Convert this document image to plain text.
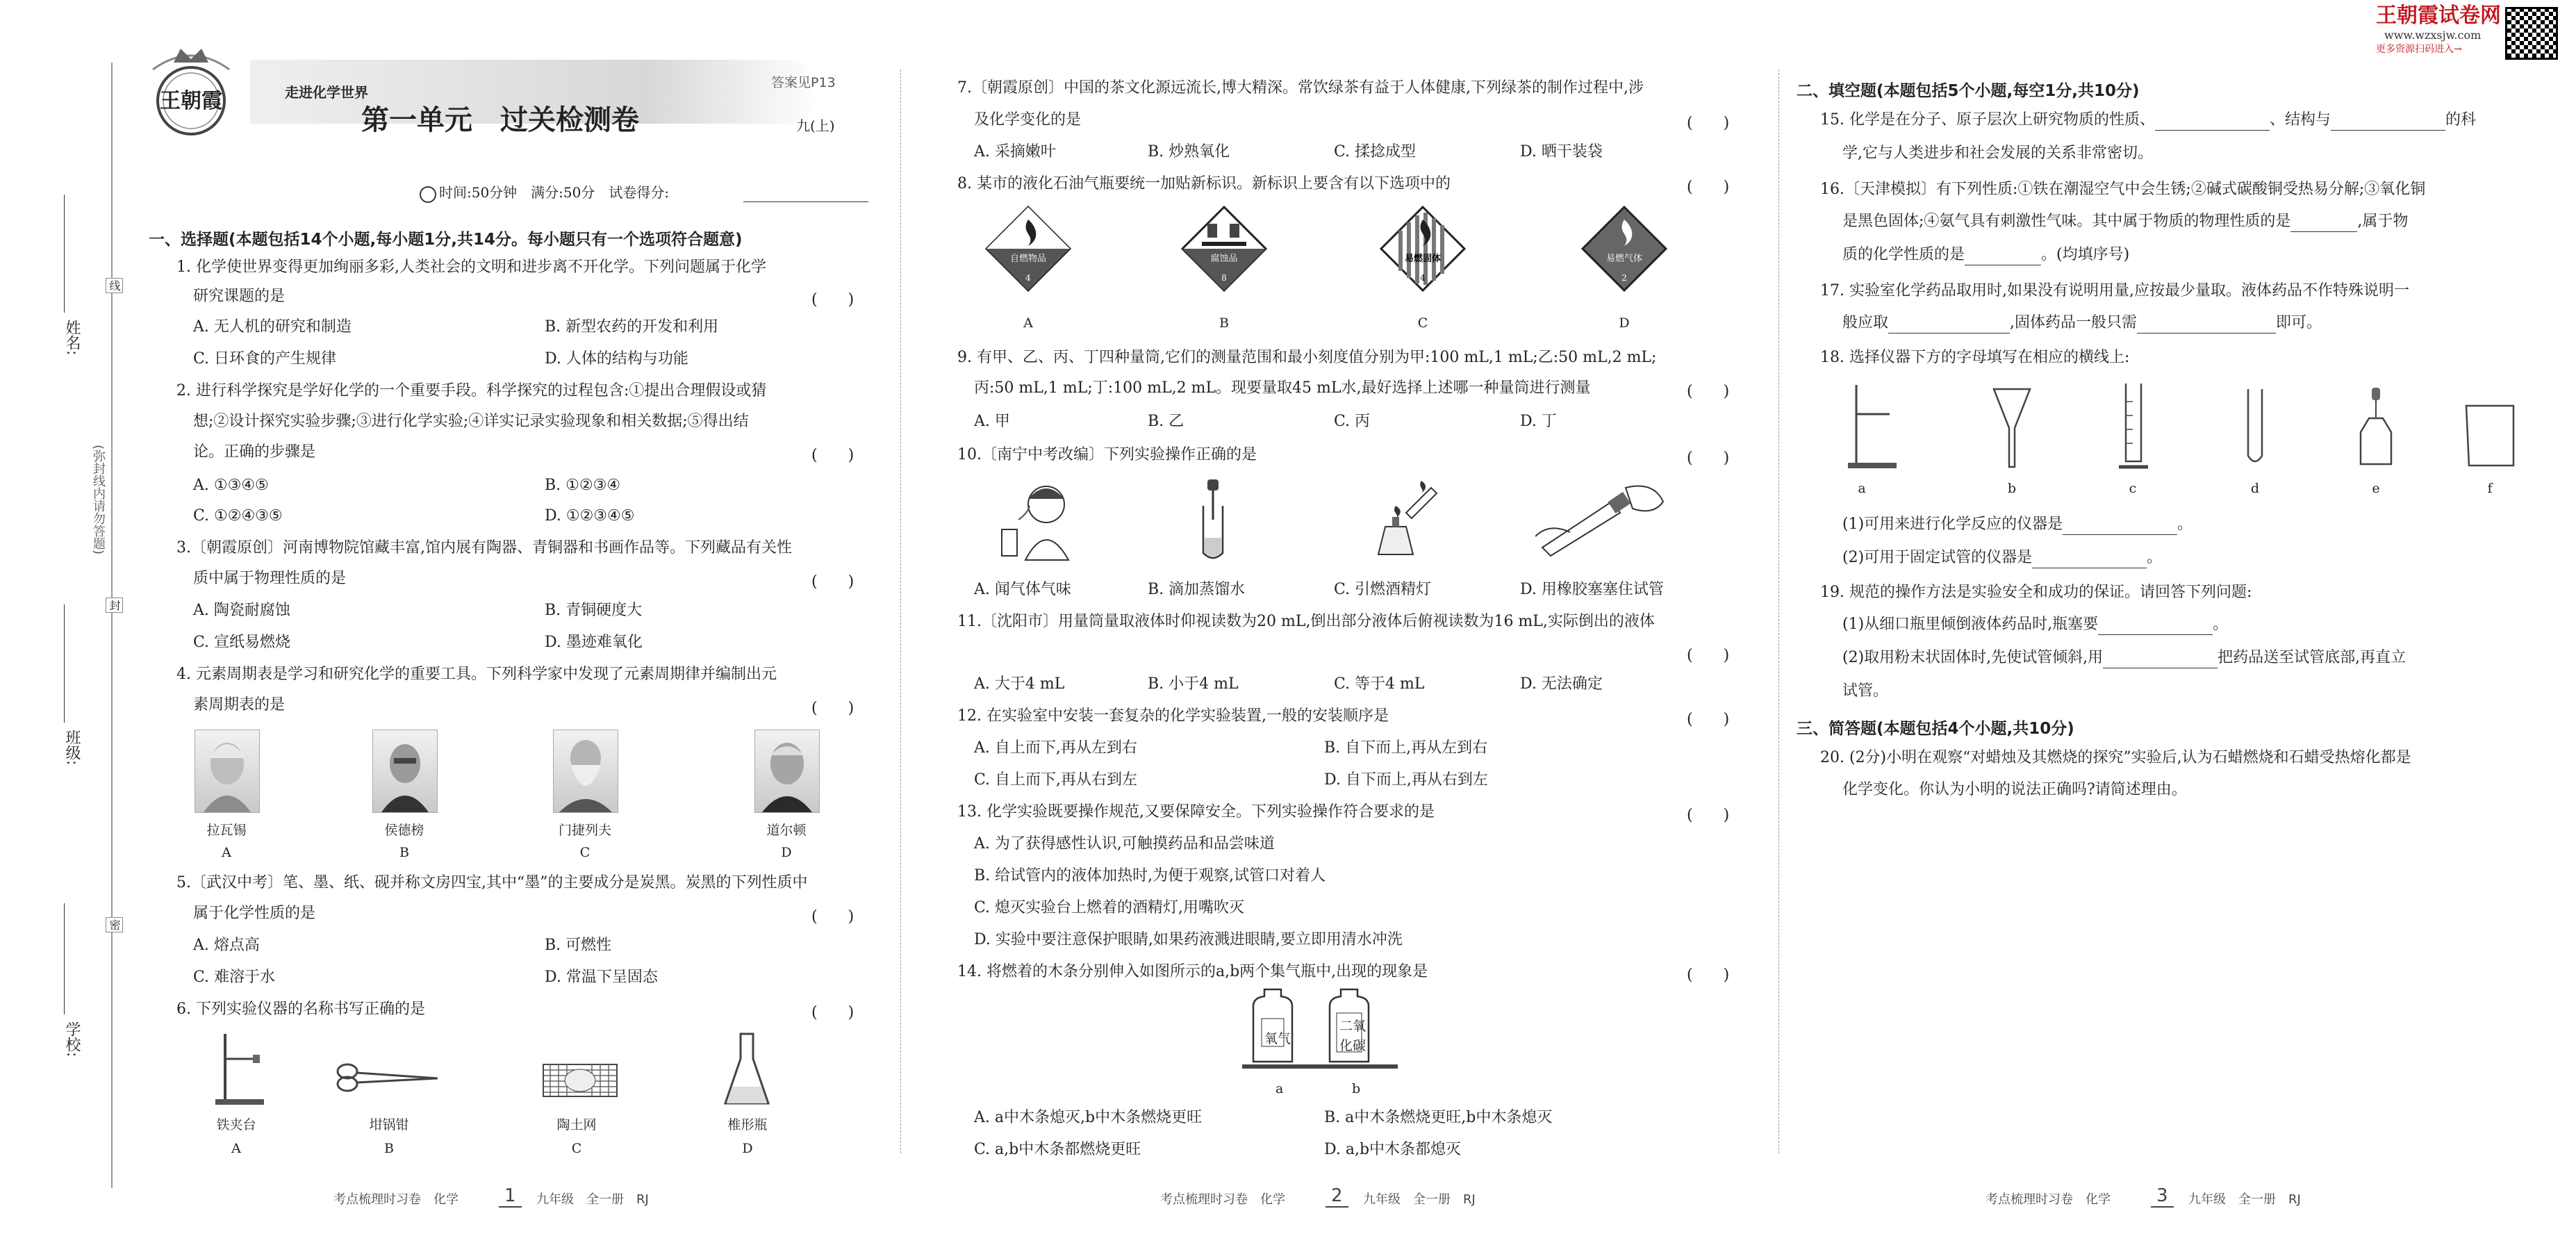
姓名:
班级:
学校:
(弥封线内请勿答题)
线
封
密
王朝霞	走进化学世界
第一单元　过关检测卷
答案见P13
九(上)
时间:50分钟　满分:50分　试卷得分:
王朝霞试卷网
www.wzxsjw.com
更多资源扫码进入→
一、选择题(本题包括14个小题,每小题1分,共14分。每小题只有一个选项符合题意)
1. 化学使世界变得更加绚丽多彩,人类社会的文明和进步离不开化学。下列问题属于化学
研究课题的是	(　　)
A. 无人机的研究和制造	B. 新型农药的开发和利用
C. 日环食的产生规律	D. 人体的结构与功能
2. 进行科学探究是学好化学的一个重要手段。科学探究的过程包含:①提出合理假设或猜
想;②设计探究实验步骤;③进行化学实验;④详实记录实验现象和相关数据;⑤得出结
论。正确的步骤是	(　　)
A. ①③④⑤	B. ①②③④
C. ①②④③⑤	D. ①②③④⑤
3.〔朝霞原创〕河南博物院馆藏丰富,馆内展有陶器、青铜器和书画作品等。下列藏品有关性
质中属于物理性质的是	(　　)
A. 陶瓷耐腐蚀	B. 青铜硬度大
C. 宣纸易燃烧	D. 墨迹难氧化
4. 元素周期表是学习和研究化学的重要工具。下列科学家中发现了元素周期律并编制出元
素周期表的是	(　　)
拉瓦锡	侯德榜	门捷列夫	道尔顿
A	B	C	D
5.〔武汉中考〕笔、墨、纸、砚并称文房四宝,其中“墨”的主要成分是炭黑。炭黑的下列性质中
属于化学性质的是	(　　)
A. 熔点高	B. 可燃性
C. 难溶于水	D. 常温下呈固态
6. 下列实验仪器的名称书写正确的是	(　　)
铁夹台	坩锅钳	陶土网	椎形瓶
A	B	C	D
7.〔朝霞原创〕中国的茶文化源远流长,博大精深。常饮绿茶有益于人体健康,下列绿茶的制作过程中,涉
及化学变化的是	(　　)
A. 采摘嫩叶	B. 炒熟氧化	C. 揉捻成型	D. 晒干装袋
8. 某市的液化石油气瓶要统一加贴新标识。新标识上要含有以下选项中的	(　　)
自燃物品
4
腐蚀品
8
易燃固体
4
易燃气体
2
A	B	C	D
9. 有甲、乙、丙、丁四种量筒,它们的测量范围和最小刻度值分别为甲:100 mL,1 mL;乙:50 mL,2 mL;
丙:50 mL,1 mL;丁:100 mL,2 mL。现要量取45 mL水,最好选择上述哪一种量筒进行测量	(　　)
A. 甲	B. 乙	C. 丙	D. 丁
10.〔南宁中考改编〕下列实验操作正确的是	(　　)
A. 闻气体气味	B. 滴加蒸馏水	C. 引燃酒精灯	D. 用橡胶塞塞住试管
11.〔沈阳市〕用量筒量取液体时仰视读数为20 mL,倒出部分液体后俯视读数为16 mL,实际倒出的液体
(　　)
A. 大于4 mL	B. 小于4 mL	C. 等于4 mL	D. 无法确定
12. 在实验室中安装一套复杂的化学实验装置,一般的安装顺序是	(　　)
A. 自上而下,再从左到右	B. 自下而上,再从左到右
C. 自上而下,再从右到左	D. 自下而上,再从右到左
13. 化学实验既要操作规范,又要保障安全。下列实验操作符合要求的是	(　　)
A. 为了获得感性认识,可触摸药品和品尝味道
B. 给试管内的液体加热时,为便于观察,试管口对着人
C. 熄灭实验台上燃着的酒精灯,用嘴吹灭
D. 实验中要注意保护眼睛,如果药液溅进眼睛,要立即用清水冲洗
14. 将燃着的木条分别伸入如图所示的a,b两个集气瓶中,出现的现象是	(　　)
氧气
二氧
化碳
a	b
A. a中木条熄灭,b中木条燃烧更旺	B. a中木条燃烧更旺,b中木条熄灭
C. a,b中木条都燃烧更旺	D. a,b中木条都熄灭
二、填空题(本题包括5个小题,每空1分,共10分)
15. 化学是在分子、原子层次上研究物质的性质、	、结构与	的科
学,它与人类进步和社会发展的关系非常密切。
16.〔天津模拟〕有下列性质:①铁在潮湿空气中会生锈;②碱式碳酸铜受热易分解;③氧化铜
是黑色固体;④氨气具有刺激性气味。其中属于物质的物理性质的是	,属于物
质的化学性质的是	。(均填序号)
17. 实验室化学药品取用时,如果没有说明用量,应按最少量取。液体药品不作特殊说明一
般应取	,固体药品一般只需	即可。
18. 选择仪器下方的字母填写在相应的横线上:
a	b	c	d	e	f
(1)可用来进行化学反应的仪器是	。
(2)可用于固定试管的仪器是	。
19. 规范的操作方法是实验安全和成功的保证。请回答下列问题:
(1)从细口瓶里倾倒液体药品时,瓶塞要	。
(2)取用粉末状固体时,先使试管倾斜,用	把药品送至试管底部,再直立
试管。
三、简答题(本题包括4个小题,共10分)
20. (2分)小明在观察“对蜡烛及其燃烧的探究”实验后,认为石蜡燃烧和石蜡受热熔化都是
化学变化。你认为小明的说法正确吗?请简述理由。
考点梳理时习卷　化学	1	九年级　全一册　RJ	考点梳理时习卷　化学	2	九年级　全一册　RJ	考点梳理时习卷　化学	3	九年级　全一册　RJ
